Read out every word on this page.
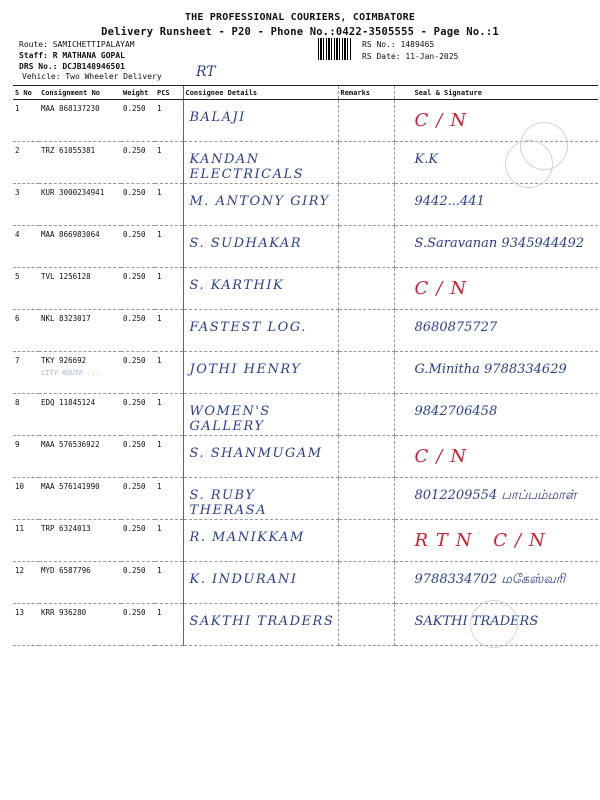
THE PROFESSIONAL COURIERS, COIMBATORE
Delivery Runsheet - P20 - Phone No.:0422-3505555 - Page No.:1
Route: SAMICHETTIPALAYAM
Staff: R MATHANA GOPAL
DRS No.: DCJB148946501
Vehicle: Two Wheeler Delivery
RS No.: 1489465
RS Date: 11-Jan-2025
RT
S No	Consignment No	Weight	PCS	Consignee Details	Remarks	Seal & Signature
1	MAA 868137230	0.250	1	BALAJI		C/N

2	TRZ 61055381	0.250	1	KANDAN ELECTRICALS		K.K

3	KUR 3000234941	0.250	1	M. ANTONY GIRY		9442...441

4	MAA 866983064	0.250	1	S. SUDHAKAR		S.Saravanan 9345944492

5	TVL 1256128	0.250	1	S. KARTHIK		C/N

6	NKL 8323017	0.250	1	FASTEST LOG.		8680875727

7	TKY 926692
CITY ROUTE ...	0.250	1	JOTHI HENRY		G.Minitha 9788334629

8	EDQ 11845124	0.250	1	WOMEN'S GALLERY		9842706458

9	MAA 576536922	0.250	1	S. SHANMUGAM		C/N

10	MAA 576141990	0.250	1	S. RUBY THERASA		8012209554 பாப்பம்மாள்

11	TRP 6324013	0.250	1	R. MANIKKAM		RTN C/N

12	MYD 6587796	0.250	1	K. INDURANI		9788334702 மகேஸ்வரி

13	KRR 936280	0.250	1	SAKTHI TRADERS		SAKTHI TRADERS
